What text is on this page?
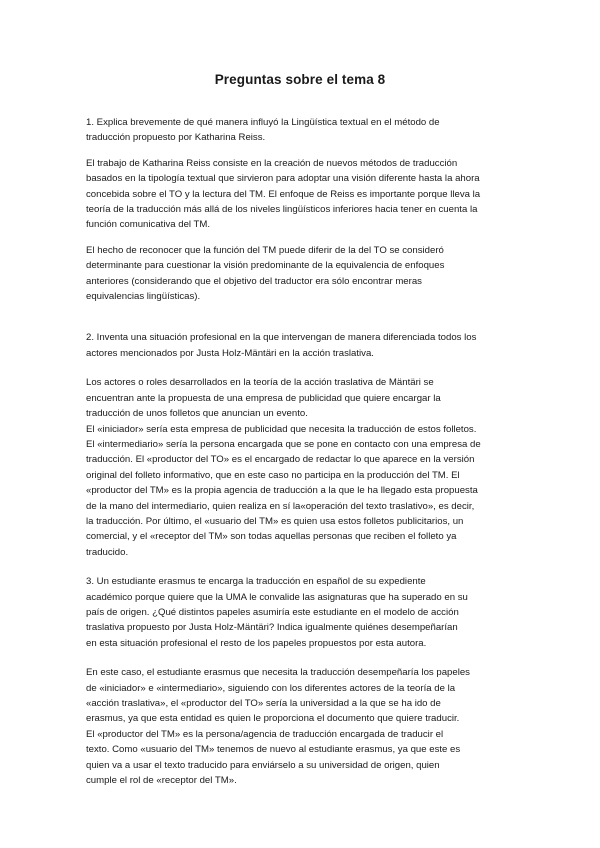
Preguntas sobre el tema 8

1. Explica brevemente de qué manera influyó la Lingüística textual en el método de
traducción propuesto por Katharina Reiss.

El trabajo de Katharina Reiss consiste en la creación de nuevos métodos de traducción
basados en la tipología textual que sirvieron para adoptar una visión diferente hasta la ahora
concebida sobre el TO y la lectura del TM. El enfoque de Reiss es importante porque lleva la
teoría de la traducción más allá de los niveles lingüísticos inferiores hacia tener en cuenta la
función comunicativa del TM.

El hecho de reconocer que la función del TM puede diferir de la del TO se consideró
determinante para cuestionar la visión predominante de la equivalencia de enfoques
anteriores (considerando que el objetivo del traductor era sólo encontrar meras
equivalencias lingüísticas).

2. Inventa una situación profesional en la que intervengan de manera diferenciada todos los
actores mencionados por Justa Holz-Mäntäri en la acción traslativa.

Los actores o roles desarrollados en la teoría de la acción traslativa de Mäntäri se
encuentran ante la propuesta de una empresa de publicidad que quiere encargar la
traducción de unos folletos que anuncian un evento.
El «iniciador» sería esta empresa de publicidad que necesita la traducción de estos folletos.
El «intermediario» sería la persona encargada que se pone en contacto con una empresa de
traducción. El «productor del TO» es el encargado de redactar lo que aparece en la versión
original del folleto informativo, que en este caso no participa en la producción del TM. El
«productor del TM» es la propia agencia de traducción a la que le ha llegado esta propuesta
de la mano del intermediario, quien realiza en sí la«operación del texto traslativo», es decir,
la traducción. Por último, el «usuario del TM» es quien usa estos folletos publicitarios, un
comercial, y el «receptor del TM» son todas aquellas personas que reciben el folleto ya
traducido.

3. Un estudiante erasmus te encarga la traducción en español de su expediente
académico porque quiere que la UMA le convalide las asignaturas que ha superado en su
país de origen. ¿Qué distintos papeles asumiría este estudiante en el modelo de acción
traslativa propuesto por Justa Holz-Mäntäri? Indica igualmente quiénes desempeñarían
en esta situación profesional el resto de los papeles propuestos por esta autora.

En este caso, el estudiante erasmus que necesita la traducción desempeñaría los papeles
de «iniciador» e «intermediario», siguiendo con los diferentes actores de la teoría de la
«acción traslativa», el «productor del TO» sería la universidad a la que se ha ido de
erasmus, ya que esta entidad es quien le proporciona el documento que quiere traducir.
El «productor del TM» es la persona/agencia de traducción encargada de traducir el
texto. Como «usuario del TM» tenemos de nuevo al estudiante erasmus, ya que este es
quien va a usar el texto traducido para enviárselo a su universidad de origen, quien
cumple el rol de «receptor del TM».
